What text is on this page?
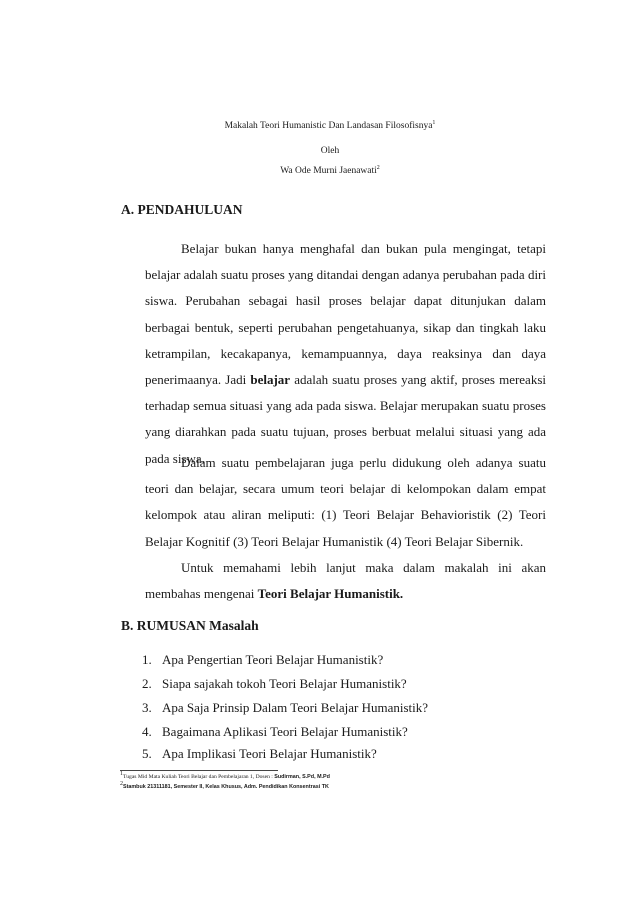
Makalah Teori Humanistic Dan Landasan Filosofisnya$^1$
Oleh
Wa Ode Murni Jaenawati$^2$
A. PENDAHULUAN
Belajar bukan hanya menghafal dan bukan pula mengingat, tetapi belajar adalah suatu proses yang ditandai dengan adanya perubahan pada diri siswa. Perubahan sebagai hasil proses belajar dapat ditunjukan dalam berbagai bentuk, seperti perubahan pengetahuanya, sikap dan tingkah laku ketrampilan, kecakapanya, kemampuannya, daya reaksinya dan daya penerimaanya. Jadi belajar adalah suatu proses yang aktif, proses mereaksi terhadap semua situasi yang ada pada siswa. Belajar merupakan suatu proses yang diarahkan pada suatu tujuan, proses berbuat melalui situasi yang ada pada siswa.
Dalam suatu pembelajaran juga perlu didukung oleh adanya suatu teori dan belajar, secara umum teori belajar di kelompokan dalam empat kelompok atau aliran meliputi: (1) Teori Belajar Behavioristik (2) Teori Belajar Kognitif (3) Teori Belajar Humanistik (4) Teori Belajar Sibernik.
Untuk memahami lebih lanjut maka dalam makalah ini akan membahas mengenai Teori Belajar Humanistik.
B. RUMUSAN Masalah
1. Apa Pengertian Teori Belajar Humanistik?
2. Siapa sajakah tokoh Teori Belajar Humanistik?
3. Apa Saja Prinsip Dalam Teori Belajar Humanistik?
4. Bagaimana Aplikasi Teori Belajar Humanistik?
5. Apa Implikasi Teori Belajar Humanistik?
$^1$Tugas Mid Mata Kuliah Teori Belajar dan Pembelajaran 1, Dosen : Sudirman, S.Pd, M.Pd
$^2$Stambuk 21311181, Semester II, Kelas Khusus, Adm. Pendidikan Konsentrasi TK
